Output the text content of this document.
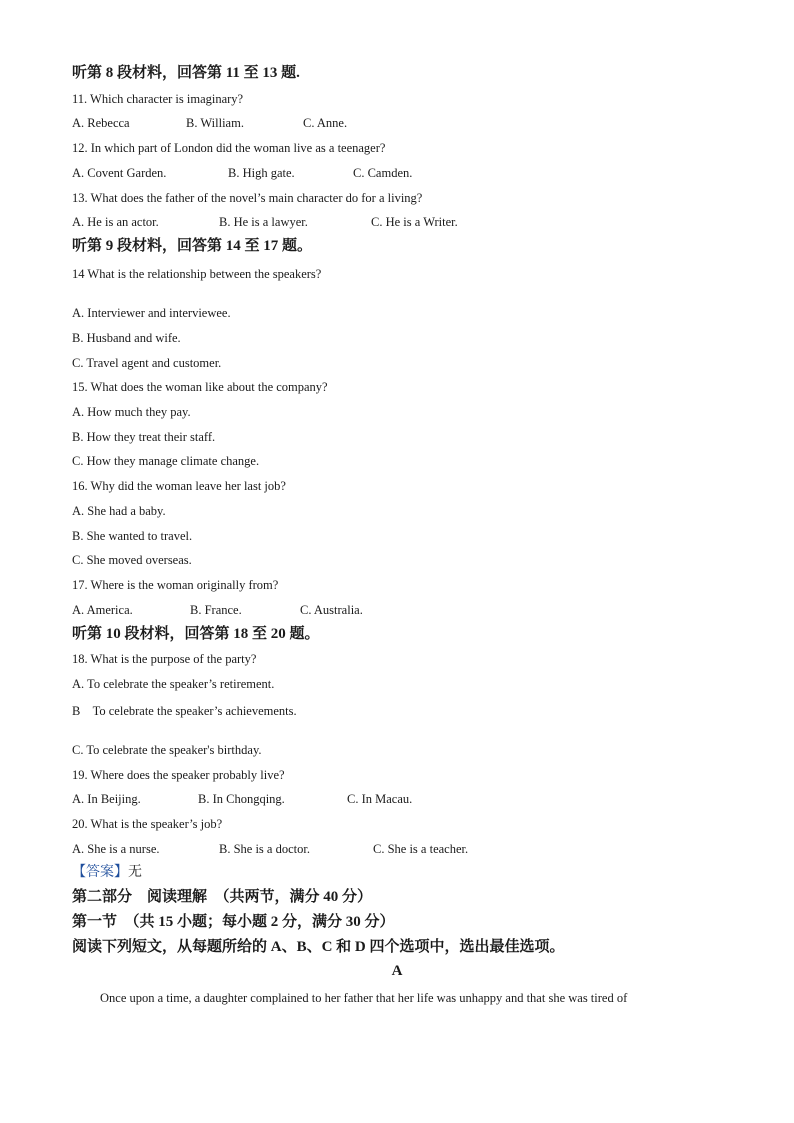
听第 8 段材料，回答第 11 至 13 题.
11. Which character is imaginary?
A. Rebecca	B. William.	C. Anne.
12. In which part of London did the woman live as a teenager?
A. Covent Garden.	B. High gate.	C. Camden.
13. What does the father of the novel’s main character do for a living?
A. He is an actor.	B. He is a lawyer.	C. He is a Writer.
听第 9 段材料，回答第 14 至 17 题。
14 What is the relationship between the speakers?
A. Interviewer and interviewee.
B. Husband and wife.
C. Travel agent and customer.
15. What does the woman like about the company?
A. How much they pay.
B. How they treat their staff.
C. How they manage climate change.
16. Why did the woman leave her last job?
A. She had a baby.
B. She wanted to travel.
C. She moved overseas.
17. Where is the woman originally from?
A. America.	B. France.	C. Australia.
听第 10 段材料，回答第 18 至 20 题。
18. What is the purpose of the party?
A. To celebrate the speaker’s retirement.
B    To celebrate the speaker’s achievements.
C. To celebrate the speaker's birthday.
19. Where does the speaker probably live?
A. In Beijing.	B. In Chongqing.	C. In Macau.
20. What is the speaker’s job?
A. She is a nurse.	B. She is a doctor.	C. She is a teacher.
【答案】无
第二部分    阅读理解  （共两节，满分 40 分）
第一节  （共 15 小题；每小题 2 分，满分 30 分）
阅读下列短文，从每题所给的 A、B、C 和 D 四个选项中，选出最佳选项。
A
Once upon a time, a daughter complained to her father that her life was unhappy and that she was tired of
